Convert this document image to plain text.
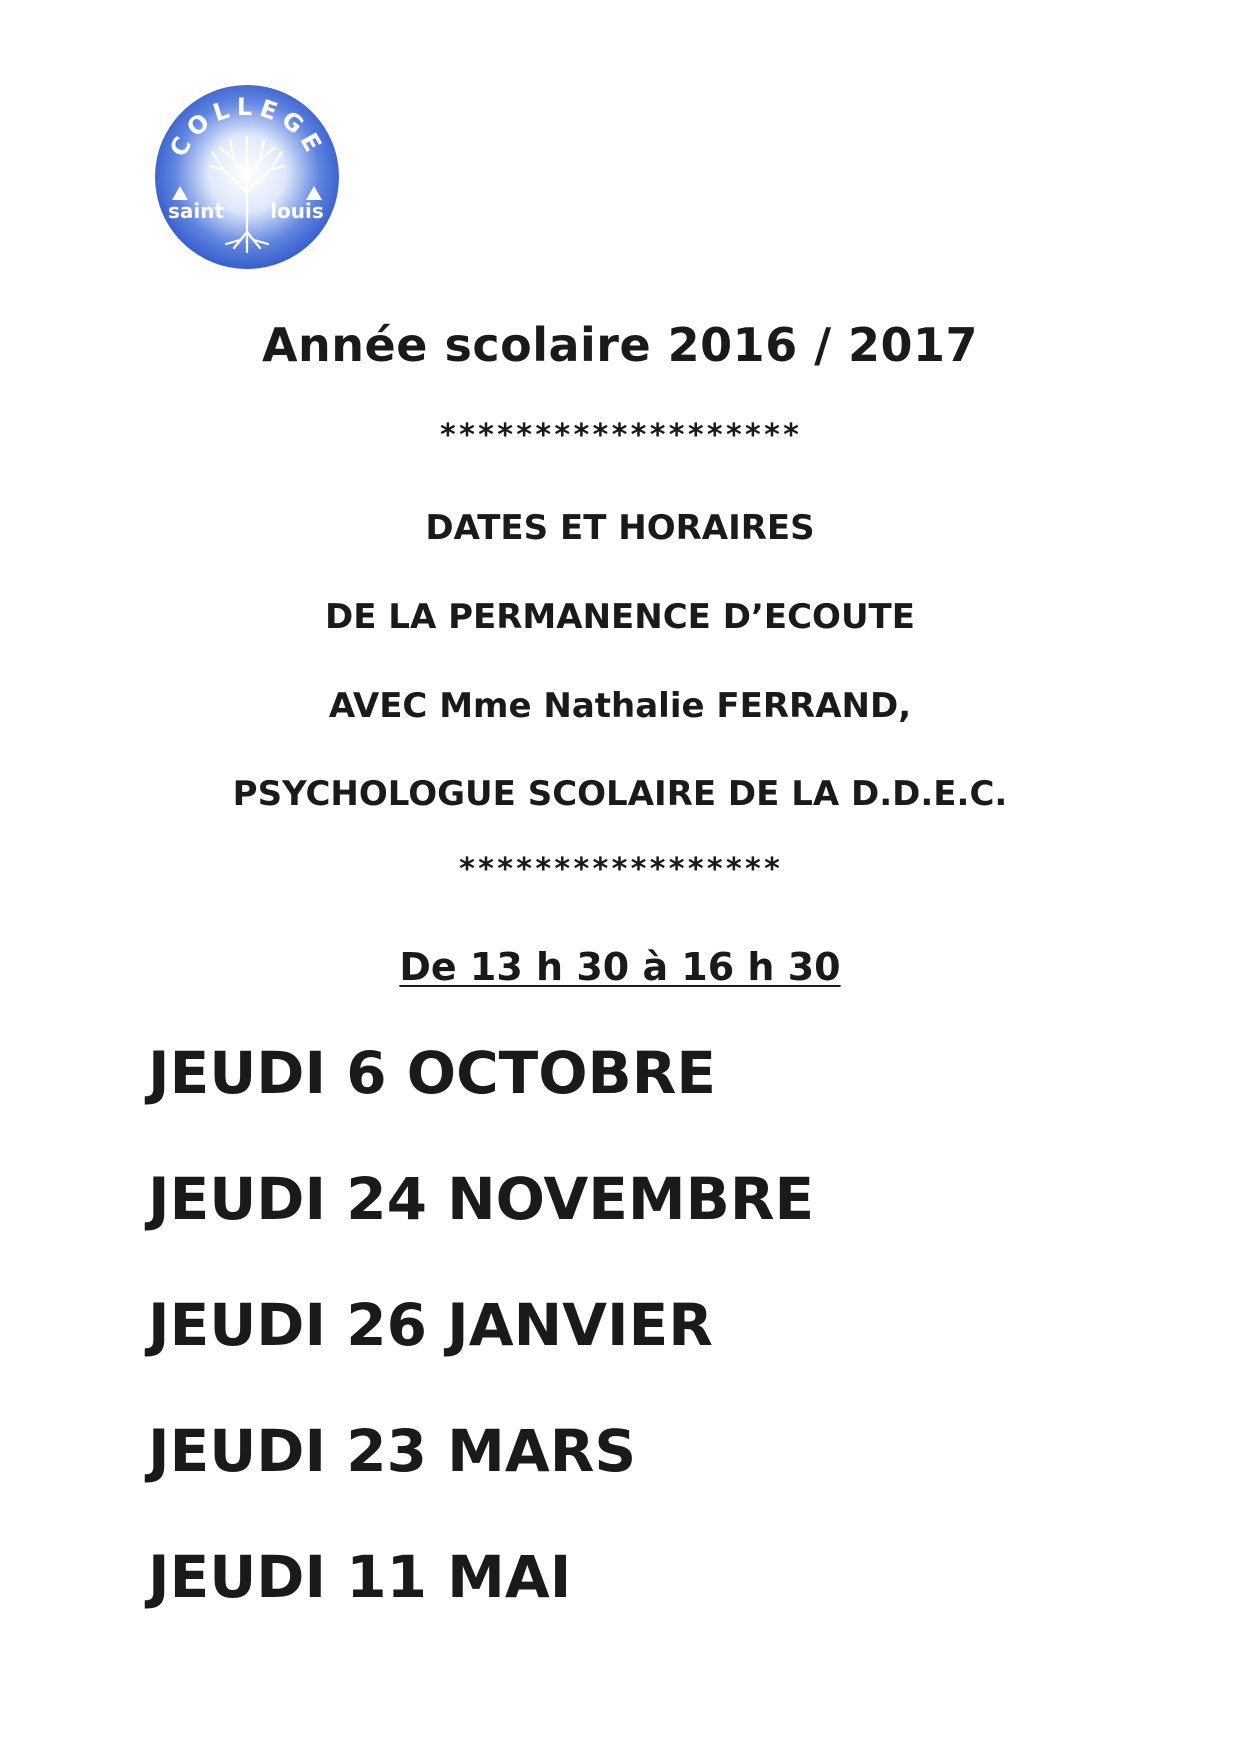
COLLEGE
saint louis
Année scolaire 2016 / 2017
*******************
DATES ET HORAIRES
DE LA PERMANENCE D’ECOUTE
AVEC Mme Nathalie FERRAND,
PSYCHOLOGUE SCOLAIRE DE LA D.D.E.C.
*****************
De 13 h 30 à 16 h 30
JEUDI 6 OCTOBRE
JEUDI 24 NOVEMBRE
JEUDI 26 JANVIER
JEUDI 23 MARS
JEUDI 11 MAI
